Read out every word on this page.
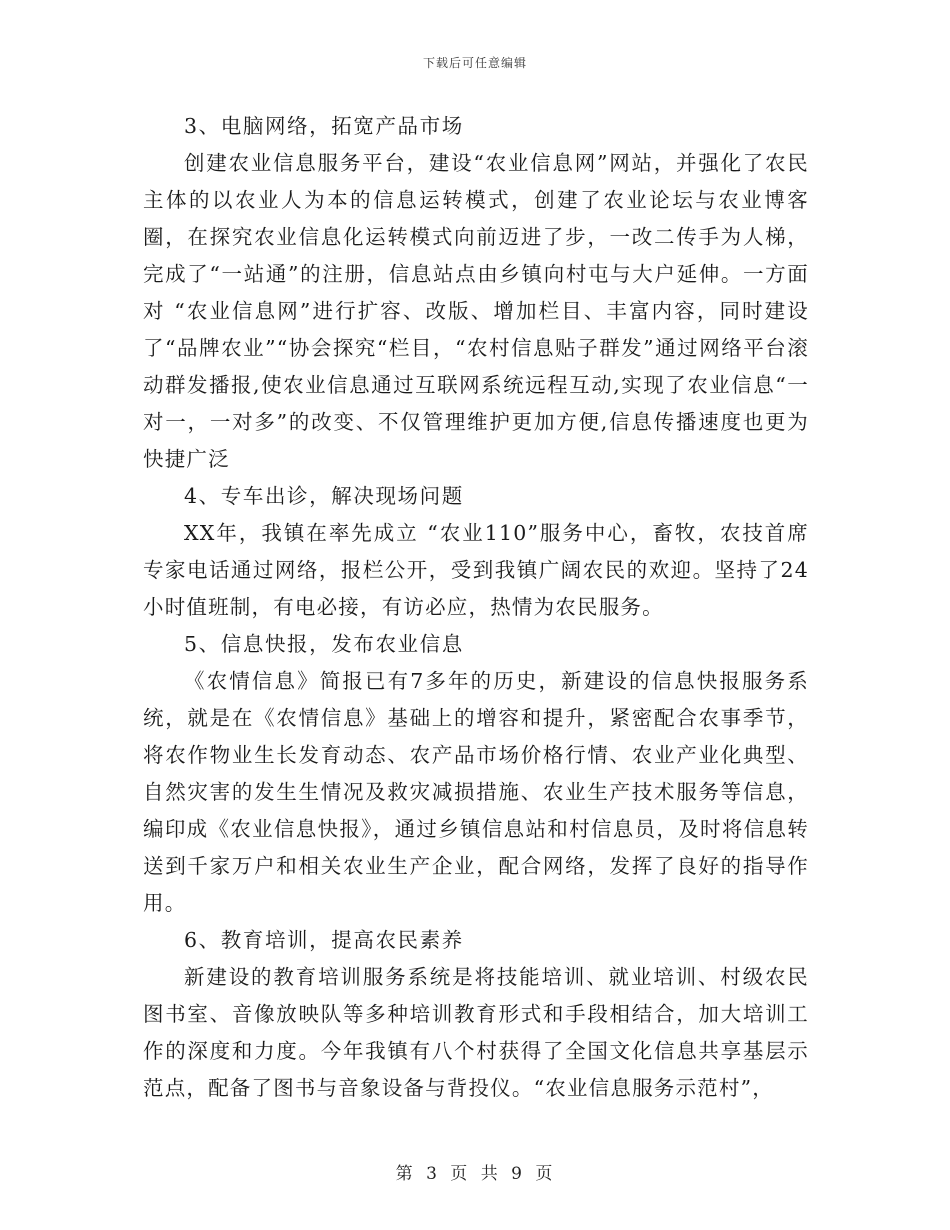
下载后可任意编辑

3、电脑网络，拓宽产品市场

创建农业信息服务平台，建设“农业信息网”网站，并强化了农民主体的以农业人为本的信息运转模式，创建了农业论坛与农业博客圈，在探究农业信息化运转模式向前迈进了步，一改二传手为人梯，完成了“一站通”的注册，信息站点由乡镇向村屯与大户延伸。一方面对 “农业信息网”进行扩容、改版、增加栏目、丰富内容，同时建设了“品牌农业”“协会探究“栏目，“农村信息贴子群发”通过网络平台滚动群发播报,使农业信息通过互联网系统远程互动,实现了农业信息“一对一，一对多”的改变、不仅管理维护更加方便,信息传播速度也更为快捷广泛

4、专车出诊，解决现场问题

XX年，我镇在率先成立 “农业110”服务中心，畜牧，农技首席专家电话通过网络，报栏公开，受到我镇广阔农民的欢迎。坚持了24小时值班制，有电必接，有访必应，热情为农民服务。

5、信息快报，发布农业信息

《农情信息》简报已有7多年的历史，新建设的信息快报服务系统，就是在《农情信息》基础上的增容和提升，紧密配合农事季节，将农作物业生长发育动态、农产品市场价格行情、农业产业化典型、自然灾害的发生生情况及救灾减损措施、农业生产技术服务等信息，编印成《农业信息快报》，通过乡镇信息站和村信息员，及时将信息转送到千家万户和相关农业生产企业，配合网络，发挥了良好的指导作用。

6、教育培训，提高农民素养

新建设的教育培训服务系统是将技能培训、就业培训、村级农民图书室、音像放映队等多种培训教育形式和手段相结合，加大培训工作的深度和力度。今年我镇有八个村获得了全国文化信息共享基层示范点，配备了图书与音象设备与背投仪。“农业信息服务示范村”，

第 3 页 共 9 页
